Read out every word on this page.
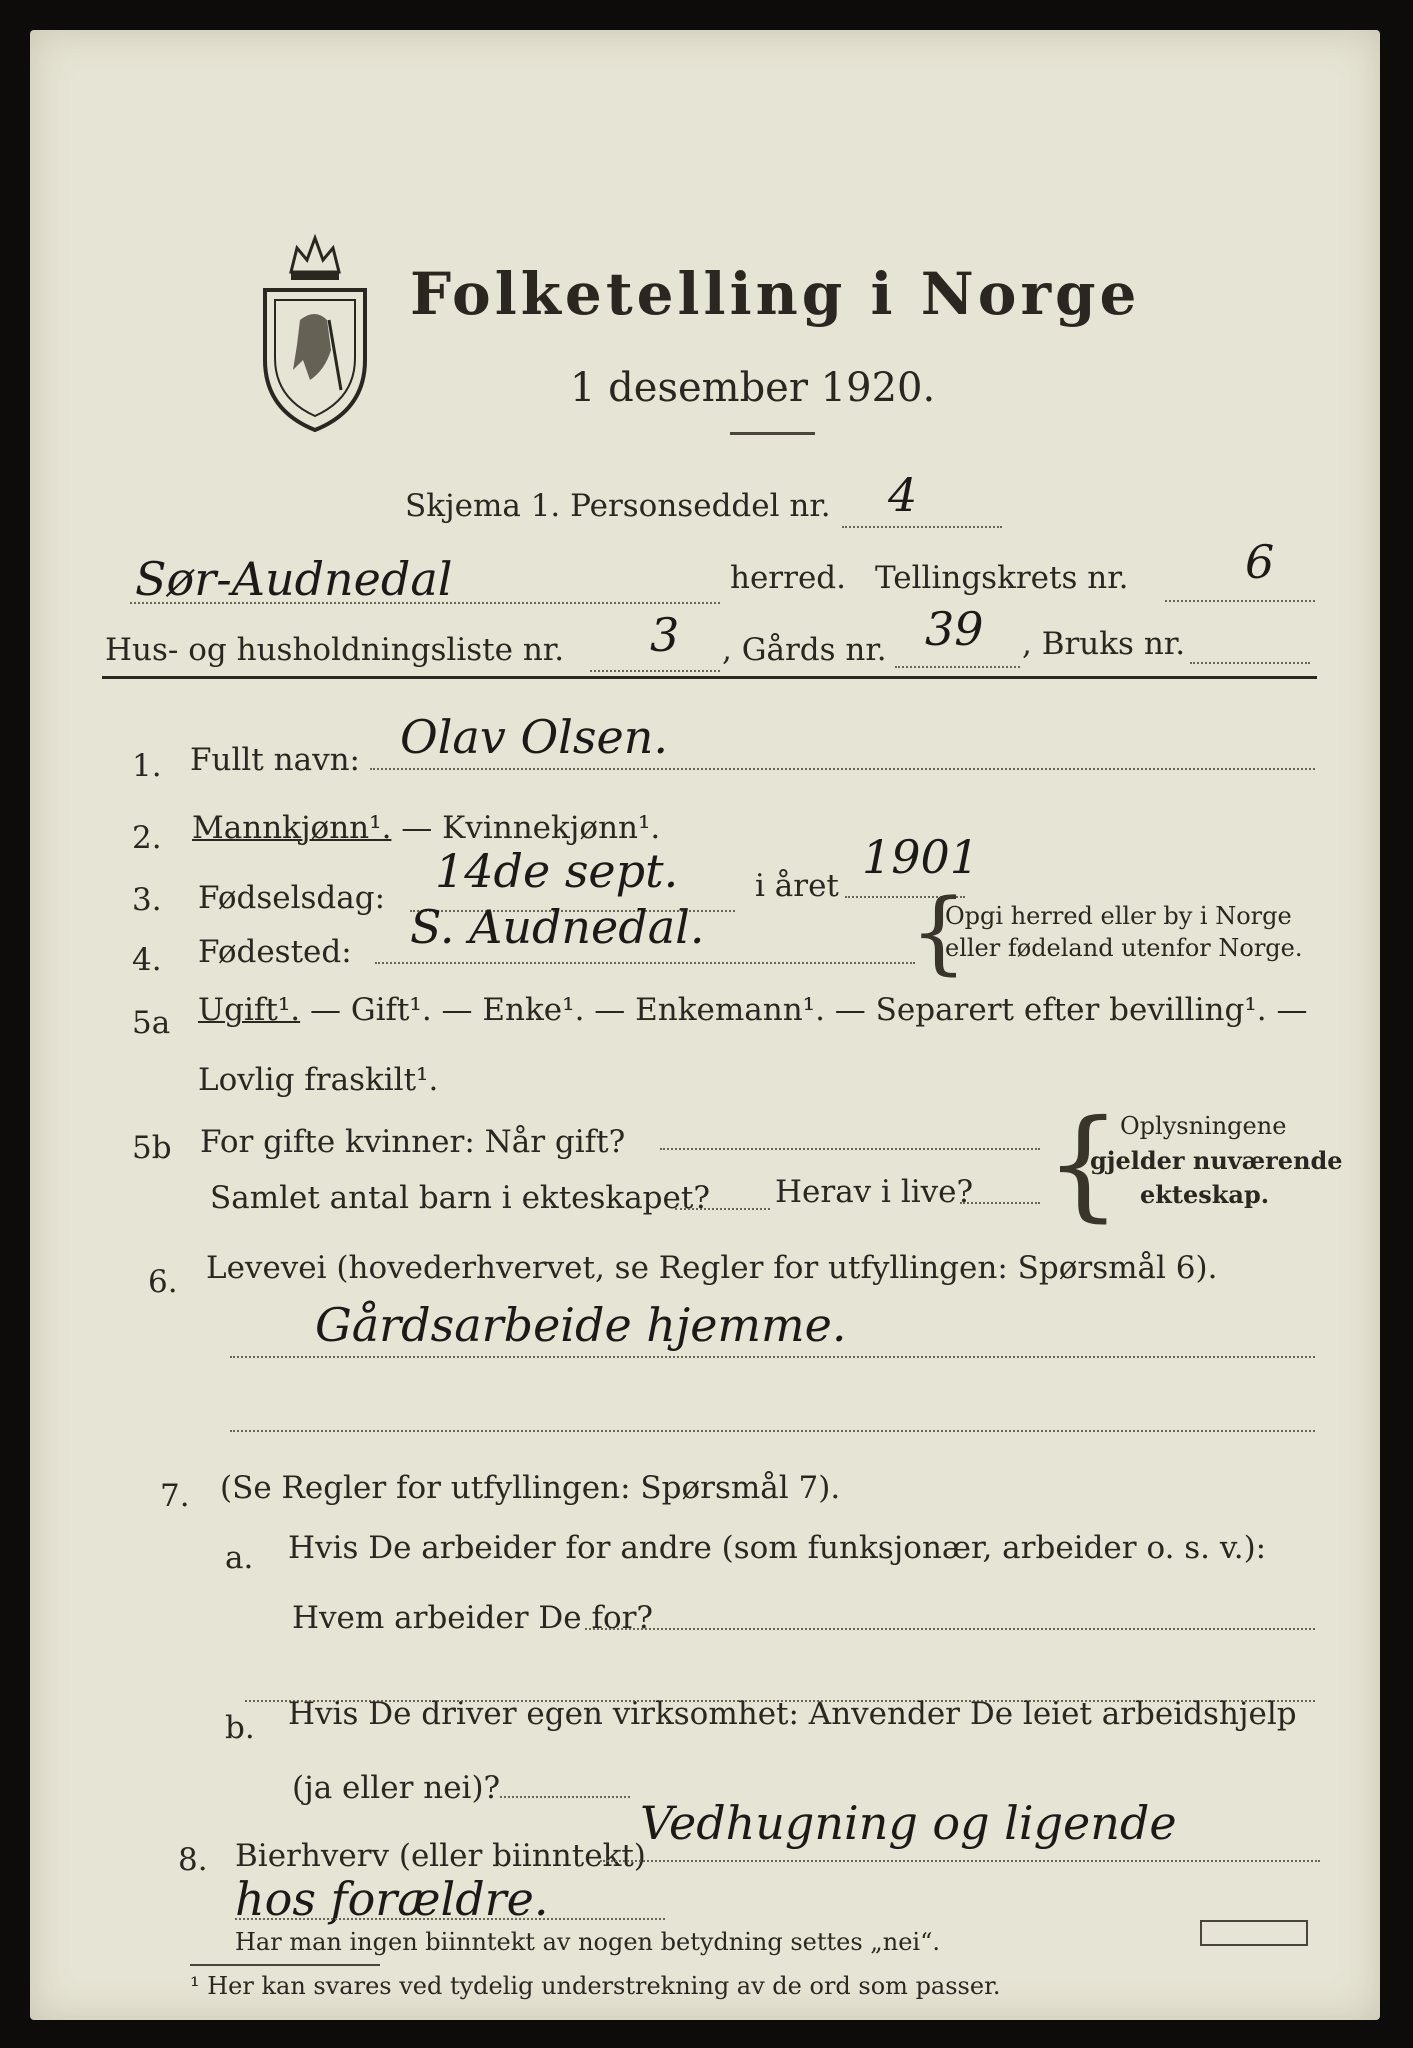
Folketelling i Norge
1 desember 1920.
Skjema 1. Personseddel nr. 4
Sør-Audnedal	herred. Tellingskrets nr.	6
Hus- og husholdningsliste nr. 3 , Gårds nr. 39 , Bruks nr.
1. Fullt navn: Olav Olsen.
2. Mannkjønn¹. — Kvinnekjønn¹.
3. Fødselsdag: 14de sept. i året
1901
4. Fødested: S. Audnedal. {
Opgi herred eller by i Norge
eller fødeland utenfor Norge.
5a Ugift¹. — Gift¹. — Enke¹. — Enkemann¹. — Separert efter bevilling¹. —
Lovlig fraskilt¹.
5b For gifte kvinner: Når gift?
Samlet antal barn i ekteskapet? Herav i live? {
Oplysningene
gjelder nuværende
ekteskap.
6. Levevei (hovederhvervet, se Regler for utfyllingen: Spørsmål 6).
Gårdsarbeide hjemme.
7. (Se Regler for utfyllingen: Spørsmål 7).
a. Hvis De arbeider for andre (som funksjonær, arbeider o. s. v.):
Hvem arbeider De for?
b. Hvis De driver egen virksomhet: Anvender De leiet arbeidshjelp
(ja eller nei)?
8. Bierhverv (eller biinntekt)
Vedhugning og ligende
hos forældre.
Har man ingen biinntekt av nogen betydning settes „nei“.
¹ Her kan svares ved tydelig understrekning av de ord som passer.
